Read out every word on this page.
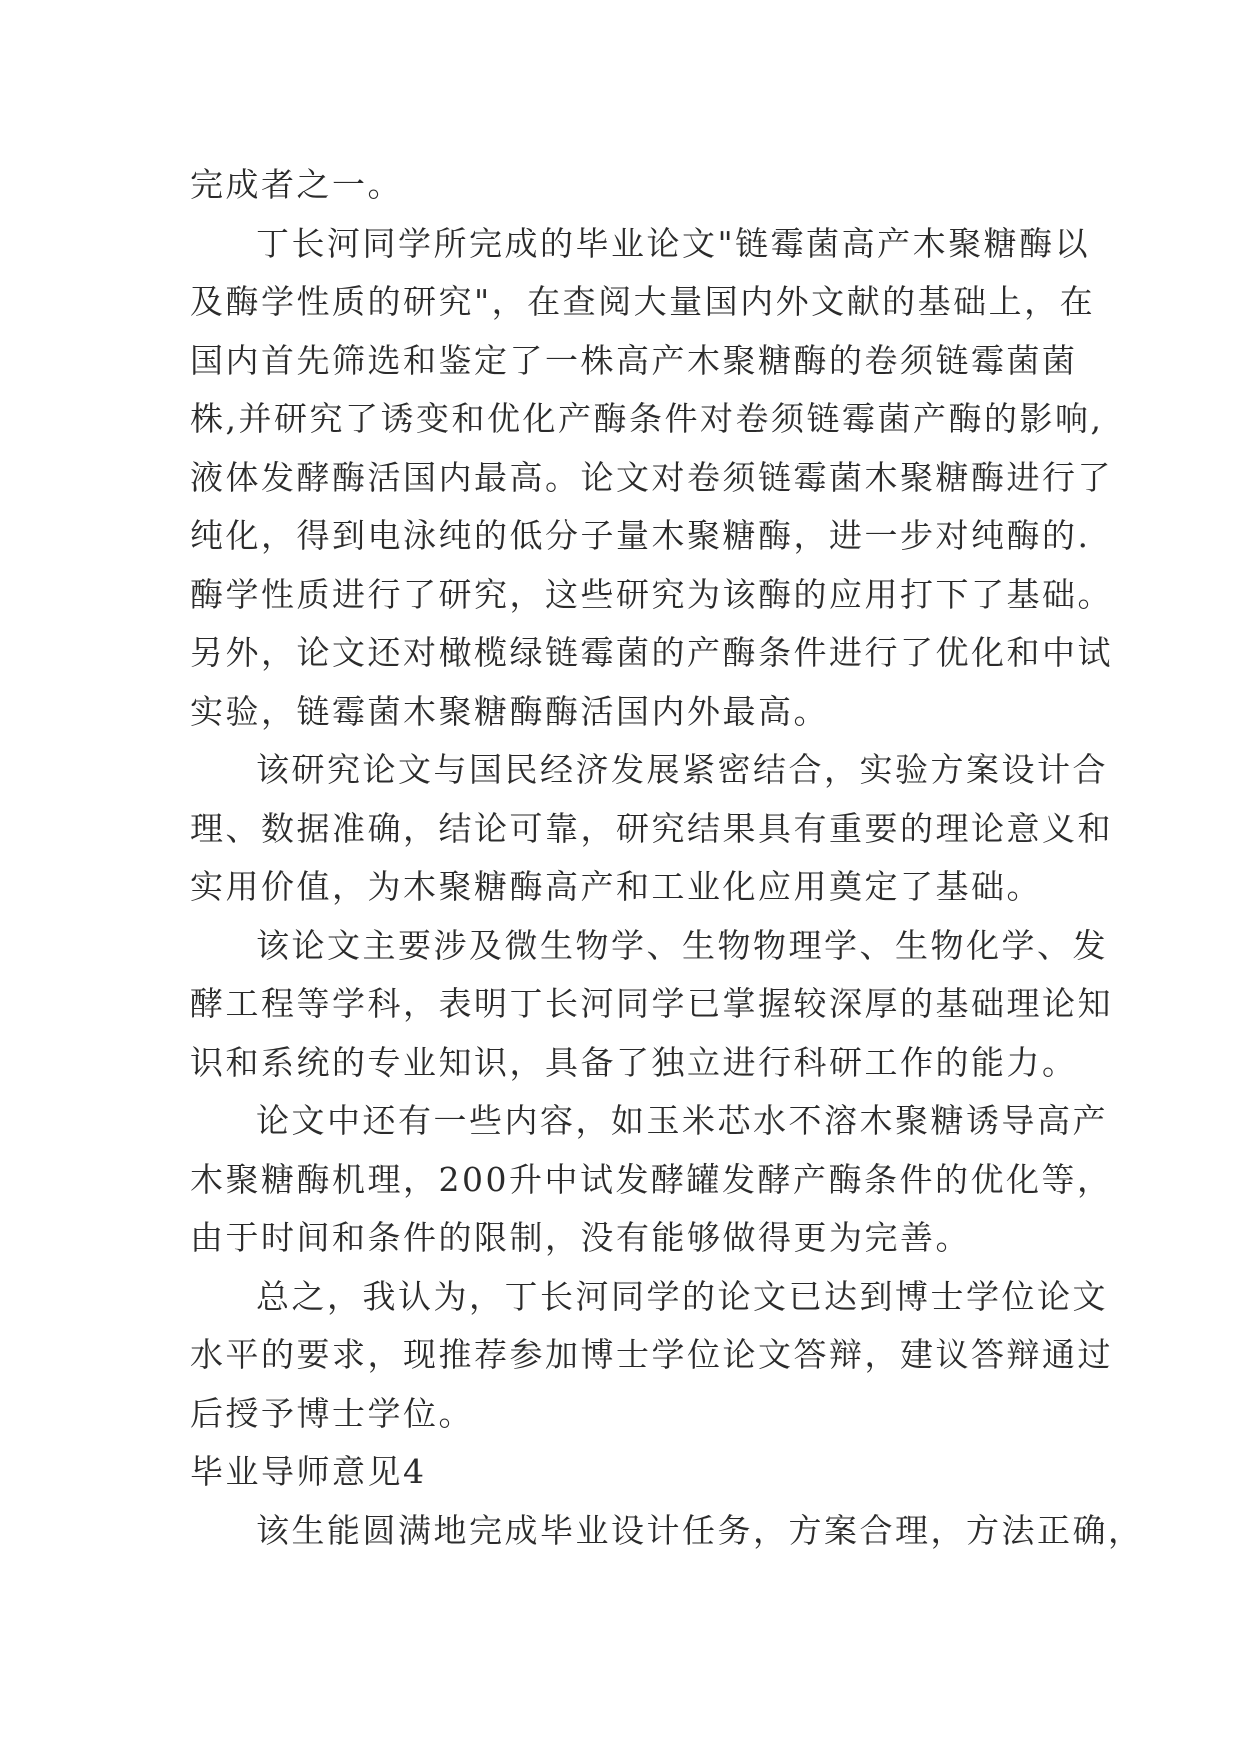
完成者之一。
丁长河同学所完成的毕业论文"链霉菌高产木聚糖酶以
及酶学性质的研究"，在查阅大量国内外文献的基础上，在
国内首先筛选和鉴定了一株高产木聚糖酶的卷须链霉菌菌
株,并研究了诱变和优化产酶条件对卷须链霉菌产酶的影响,
液体发酵酶活国内最高。论文对卷须链霉菌木聚糖酶进行了
纯化，得到电泳纯的低分子量木聚糖酶，进一步对纯酶的.
酶学性质进行了研究，这些研究为该酶的应用打下了基础。
另外，论文还对橄榄绿链霉菌的产酶条件进行了优化和中试
实验，链霉菌木聚糖酶酶活国内外最高。
该研究论文与国民经济发展紧密结合，实验方案设计合
理、数据准确，结论可靠，研究结果具有重要的理论意义和
实用价值，为木聚糖酶高产和工业化应用奠定了基础。
该论文主要涉及微生物学、生物物理学、生物化学、发
酵工程等学科，表明丁长河同学已掌握较深厚的基础理论知
识和系统的专业知识，具备了独立进行科研工作的能力。
论文中还有一些内容，如玉米芯水不溶木聚糖诱导高产
木聚糖酶机理，200升中试发酵罐发酵产酶条件的优化等，
由于时间和条件的限制，没有能够做得更为完善。
总之，我认为，丁长河同学的论文已达到博士学位论文
水平的要求，现推荐参加博士学位论文答辩，建议答辩通过
后授予博士学位。
毕业导师意见4
该生能圆满地完成毕业设计任务，方案合理，方法正确，
